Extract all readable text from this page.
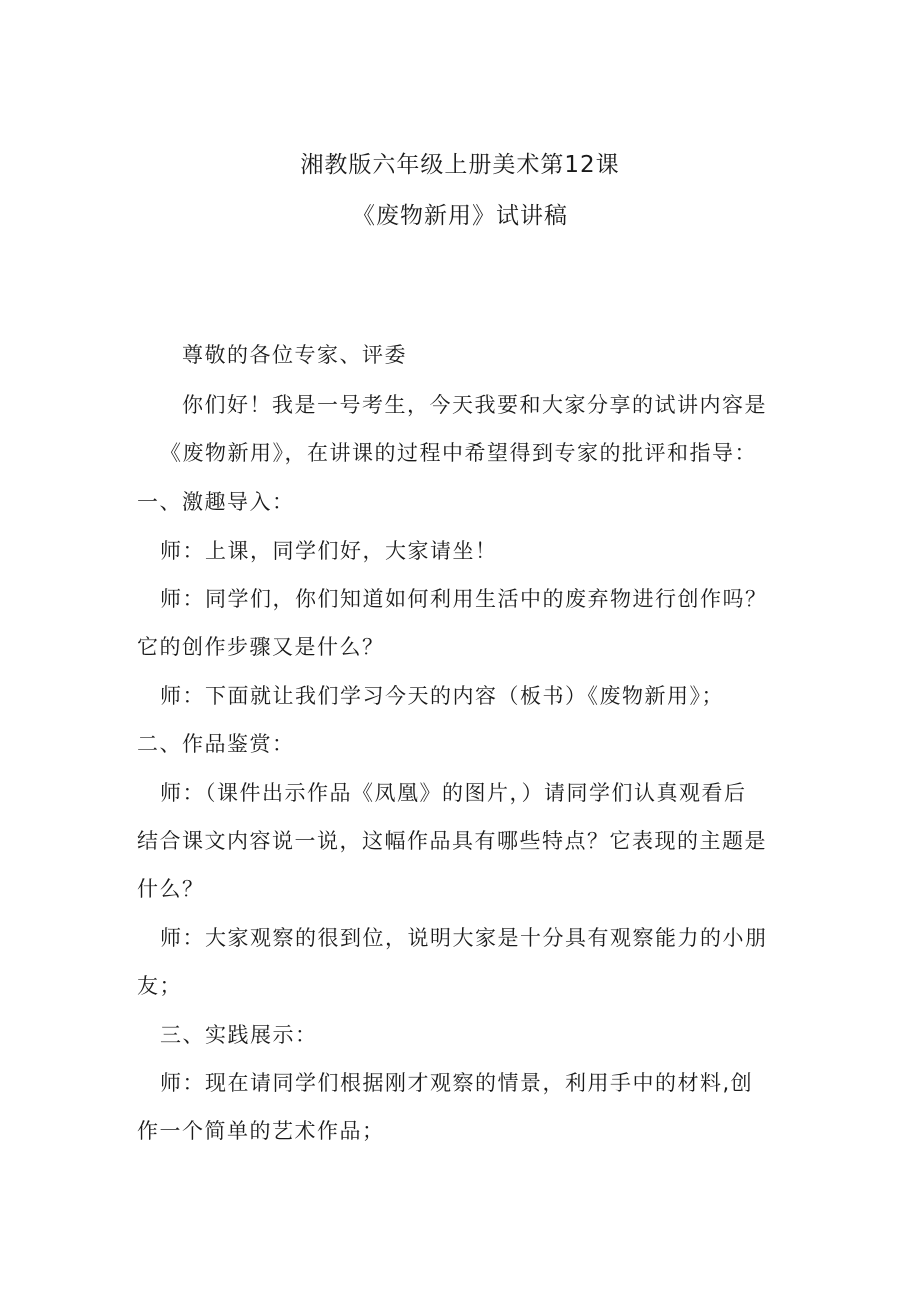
湘教版六年级上册美术第12课
《废物新用》试讲稿
尊敬的各位专家、评委
你们好！我是一号考生，今天我要和大家分享的试讲内容是
《废物新用》，在讲课的过程中希望得到专家的批评和指导：
一、激趣导入：
师：上课，同学们好，大家请坐！
师：同学们，你们知道如何利用生活中的废弃物进行创作吗？
它的创作步骤又是什么？
师：下面就让我们学习今天的内容（板书）《废物新用》；
二、作品鉴赏：
师：（课件出示作品《凤凰》的图片，）请同学们认真观看后
结合课文内容说一说，这幅作品具有哪些特点？它表现的主题是
什么？
师：大家观察的很到位，说明大家是十分具有观察能力的小朋
友；
三、实践展示：
师：现在请同学们根据刚才观察的情景，利用手中的材料,创
作一个简单的艺术作品；
